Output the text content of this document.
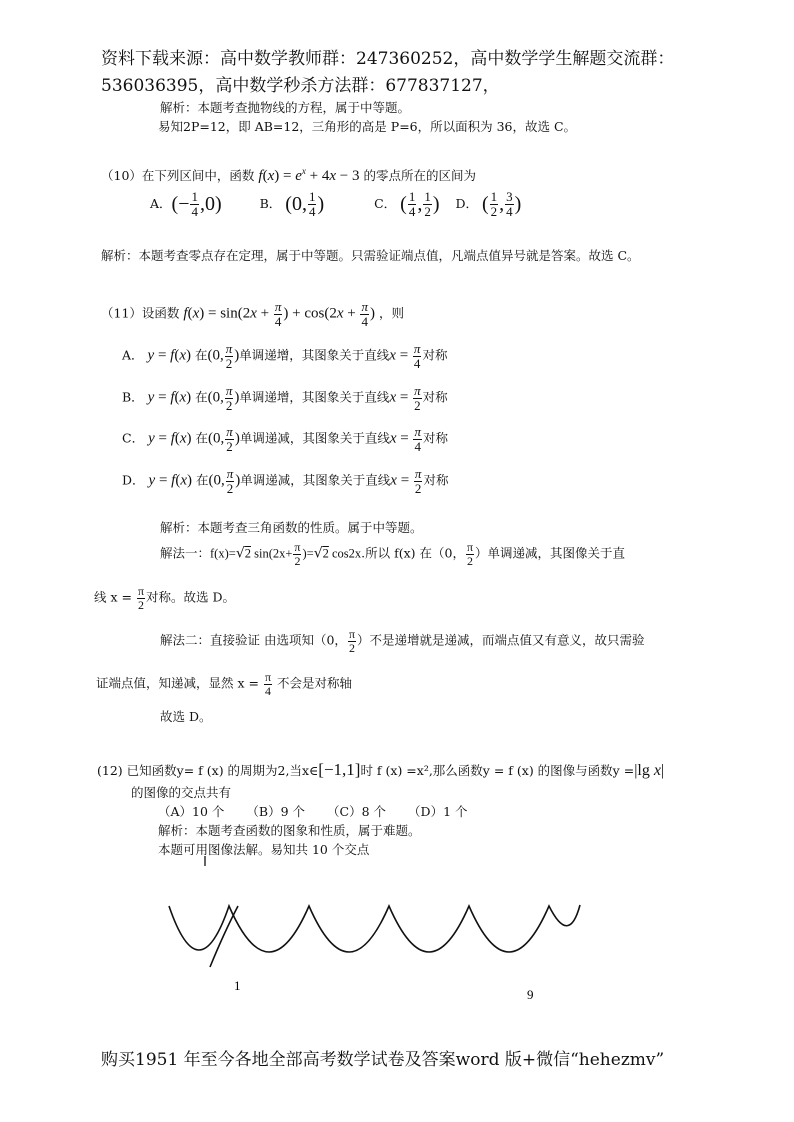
资料下载来源：高中数学教师群：247360252，高中数学学生解题交流群：
536036395，高中数学秒杀方法群：677837127，
解析：本题考查抛物线的方程，属于中等题。
易知2P=12，即 AB=12，三角形的高是 P=6，所以面积为 36，故选 C。
（10）在下列区间中，函数 $f(x) = e^x + 4x - 3$ 的零点所在的区间为
A．(− $\frac{1}{4} ,0$)	B． (0, $\frac{1}{4}$ )	C． ( $\frac{1}{4}$ , $\frac{1}{2}$ ) D． ( $\frac{1}{2}$ , $\frac{3}{4}$ )
解析：本题考查零点存在定理，属于中等题。只需验证端点值，凡端点值异号就是答案。故选 C。
（11）设函数 $f(x) = \sin(2x + \frac{\pi}{4}$ ) + $\cos(2x + \frac{\pi}{4}$ ) ，则
A． y = f(x) 在(0, $\frac{\pi}{2}$ )单调递增，其图象关于直线$x = \frac{\pi}{4}$ 对称
B． y = f(x) 在(0, $\frac{\pi}{2}$ )单调递增，其图象关于直线$x = \frac{\pi}{2}$ 对称
C． y = f(x) 在(0, $\frac{\pi}{2}$ )单调递减，其图象关于直线$x = \frac{\pi}{4}$ 对称
D． y = f(x) 在(0, $\frac{\pi}{2}$ )单调递减，其图象关于直线$x = \frac{\pi}{2}$ 对称
解析：本题考查三角函数的性质。属于中等题。
解法一：f(x)=√2 $\sin(2x+ \frac{\pi}{2} )=√2$ cos2x.所以 f(x) 在（0， $\frac{\pi}{2}$ ）单调递减，其图像关于直
线 $x = \frac{\pi}{2}$ 对称。故选 D。
解法二：直接验证 由选项知（0， $\frac{\pi}{2}$ ）不是递增就是递减，而端点值又有意义，故只需验
证端点值，知递减，显然 $x = \frac{\pi}{4}$ 不会是对称轴
故选 D。
(12) 已知函数y= f (x) 的周期为2,当x∈[−1,1]时 f (x) =x²,那么函数y = f (x) 的图像与函数y =|lg x|
的图像的交点共有
（A）10 个 （B）9 个 （C）8 个 （D）1 个
解析：本题考查函数的图象和性质，属于难题。
本题可用图像法解。易知共 10 个交点
1
9
购买1951 年至今各地全部高考数学试卷及答案word 版+微信“hehezmv”
